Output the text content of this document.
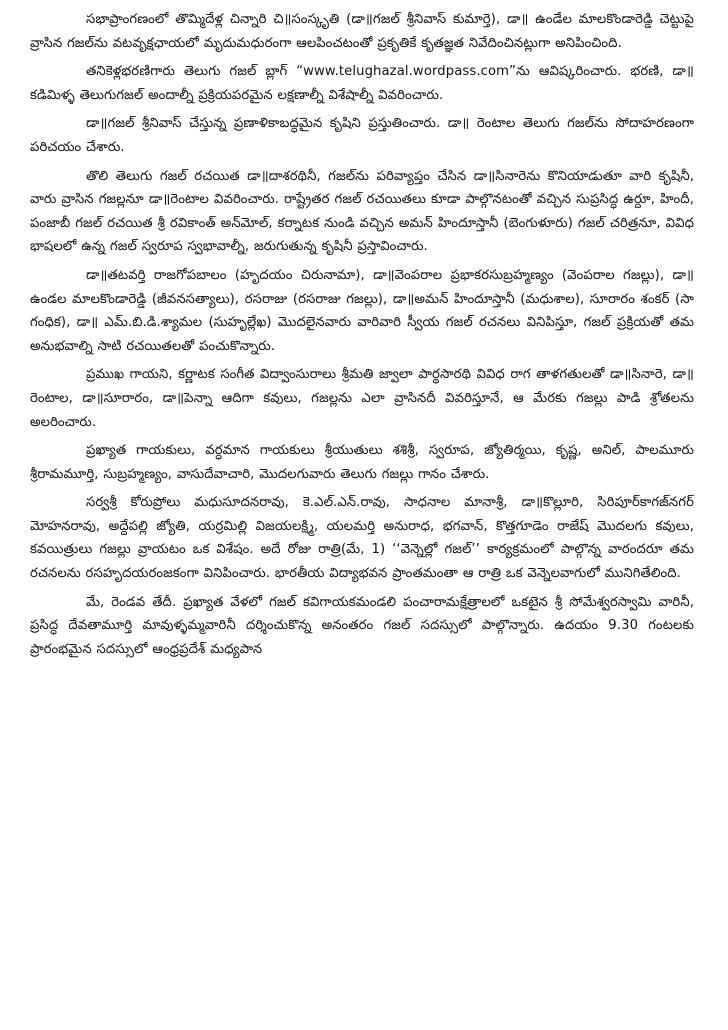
సభాప్రాంగణంలో తొమ్మిదేళ్ల చిన్నారి చి॥సంస్కృతి (డా॥గజల్ శ్రీనివాస్ కుమార్తె), డా॥ ఉండేల మాలకొండారెడ్డి చెట్టుపై వ్రాసిన గజల్‌ను వటవృక్షఛాయలో మృదుమధురంగా ఆలపించటంతో ప్రకృతికే కృతజ్ఞత నివేదించినట్లుగా అనిపించింది.

తనికెళ్లభరణిగారు తెలుగు గజల్ బ్లాగ్ “www.telughazal.wordpass.com”ను ఆవిష్కరించారు. భరణి, డా॥ కడిమిళ్ళ తెలుగుగజల్ అందాల్నీ ప్రక్రియపరమైన లక్షణాల్నీ విశేషాల్నీ వివరించారు.

డా॥గజల్ శ్రీనివాస్ చేస్తున్న ప్రణాళికాబద్ధమైన కృషిని ప్రస్తుతించారు. డా॥ రెంటాల తెలుగు గజల్‌ను సోదాహరణంగా పరిచయం చేశారు.

తొలి తెలుగు గజల్ రచయిత డా॥దాశరథినీ, గజల్‌ను పరివ్యాప్తం చేసిన డా॥సినారెను కొనియాడుతూ వారి కృషినీ, వారు వ్రాసిన గజల్లనూ డా॥రెంటాల వివరించారు. రాష్ట్రేతర గజల్ రచయితలు కూడా పాల్గొనటంతో వచ్చిన సుప్రసిద్ధ ఉర్దూ, హిందీ, పంజాబీ గజల్ రచయిత శ్రీ రవికాంత్ అన్‌మోల్, కర్నాటక నుండి వచ్చిన అమన్ హిందూస్తానీ (బెంగుళూరు) గజల్ చరిత్రనూ, వివిధ భాషలలో ఉన్న గజల్ స్వరూప స్వభావాల్నీ, జరుగుతున్న కృషినీ ప్రస్తావించారు.

డా॥తటవర్తి రాజగోపబాలం (హృదయం చిరునామా), డా॥వెంపరాల ప్రభాకరసుబ్రహ్మణ్యం (వెంపరాల గజల్లు), డా॥ ఉండల మాలకొండారెడ్డి (జీవనసత్యాలు), రసరాజు (రసరాజు గజల్లు), డా॥అమన్ హిందూస్తానీ (మధుశాల), సూరారం శంకర్ (సా గంధిక), డా॥ ఎమ్.బి.డి.శ్యామల (సుహృల్లేఖ) మొదలైనవారు వారివారి స్వీయ గజల్ రచనలు వినిపిస్తూ, గజల్ ప్రక్రియతో తమ అనుభవాల్ని సాటి రచయితలతో పంచుకొన్నారు.

ప్రముఖ గాయని, కర్ణాటక సంగీత విద్వాంసురాలు శ్రీమతి జ్వాలా పార్థసారథి వివిధ రాగ తాళగతులతో డా॥సినారె, డా॥రెంటాల, డా॥సూరారం, డా॥పెన్నా ఆదిగా కవులు, గజల్లను ఎలా వ్రాసినదీ వివరిస్తూనే, ఆ మేరకు గజల్లు పాడి శ్రోతలను అలరించారు.

ప్రఖ్యాత గాయకులు, వర్ధమాన గాయకులు శ్రీయుతులు శశిశ్రీ, స్వరూప, జ్యోతిర్మయి, కృష్ణ, అనిల్, పాలమూరు శ్రీరామమూర్తి, సుబ్రహ్మణ్యం, వాసుదేవాచారి, మొదలగువారు తెలుగు గజల్లు గానం చేశారు.

సర్వశ్రీ కోరుప్రోలు మధుసూదనరావు, కె.ఎల్.ఎన్.రావు, సాధనాల మానాశ్రీ, డా॥కొల్లూరి, సిరిపూర్‌కాగజ్‌నగర్ మోహనరావు, అద్దేపల్లి జ్యోతి, యర్రమిల్లి విజయలక్ష్మి, యలమర్తి అనురాధ, భగవాన్, కొత్తగూడెం రాజేష్ మొదలగు కవులు, కవయిత్రులు గజల్లు వ్రాయటం ఒక విశేషం. అదే రోజు రాత్రి(మే, 1) ‘‘వెన్నెల్లో గజల్’’ కార్యక్రమంలో పాల్గొన్న వారందరూ తమ రచనలను రసహృదయరంజకంగా వినిపించారు. భారతీయ విద్యాభవన ప్రాంతమంతా ఆ రాత్రి ఒక వెన్నెలవాగులో మునిగితేలింది.

మే, రెండవ తేదీ. ప్రఖ్యాత వేళలో గజల్ కవిగాయకమండలి పంచారామక్షేత్రాలలో ఒకటైన శ్రీ సోమేశ్వరస్వామి వారినీ, ప్రసిద్ధ దేవతామూర్తి మావుళ్ళమ్మవారినీ దర్శించుకొన్న అనంతరం గజల్ సదస్సులో పాల్గొన్నారు. ఉదయం 9.30 గంటలకు ప్రారంభమైన సదస్సులో ఆంధ్రప్రదేశ్ మధ్యపాన
